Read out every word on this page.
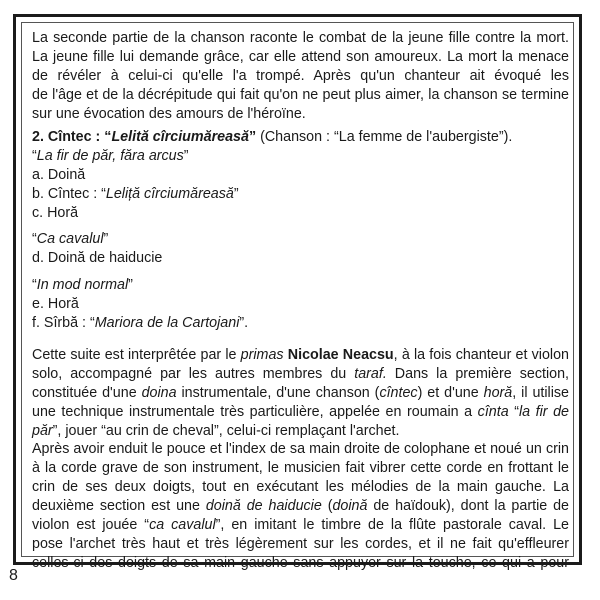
La seconde partie de la chanson raconte le combat de la jeune fille contre la mort.
La jeune fille lui demande grâce, car elle attend son amoureux. La mort la menace
de révéler à celui-ci qu'elle l'a trompé. Après qu'un chanteur ait évoqué les
de l'âge et de la décrépitude qui fait qu'on ne peut plus aimer, la chanson se termine
sur une évocation des amours de l'héroïne.
2. Cîntec : “Lelită cîrciumăreasă” (Chanson : “La femme de l'aubergiste”).
“La fir de păr, făra arcus”
a. Doină
b. Cîntec : “Leliță cîrciumăreasă”
c. Horă
“Ca cavalul”
d. Doină de haiducie
“In mod normal”
e. Horă
f. Sîrbă : “Mariora de la Cartojani”.
Cette suite est interprêtée par le primas Nicolae Neacsu, à la fois chanteur et violon
solo, accompagné par les autres membres du taraf. Dans la première section,
constituée d'une doina instrumentale, d'une chanson (cîntec) et d'une horă, il utilise
une technique instrumentale très particulière, appelée en roumain a cînta “la fir de
păr”, jouer “au crin de cheval”, celui-ci remplaçant l'archet.
Après avoir enduit le pouce et l'index de sa main droite de colophane et noué un crin
à la corde grave de son instrument, le musicien fait vibrer cette corde en frottant le
crin de ses deux doigts, tout en exécutant les mélodies de la main gauche. La
deuxième section est une doină de haiducie (doină de haïdouk), dont la partie de
violon est jouée “ca cavalul”, en imitant le timbre de la flûte pastorale caval. Le
pose l'archet très haut et très légèrement sur les cordes, et il ne fait qu'effleurer
celles-ci des doigts de sa main gauche sans appuyer sur la touche, ce qui a pour
8
